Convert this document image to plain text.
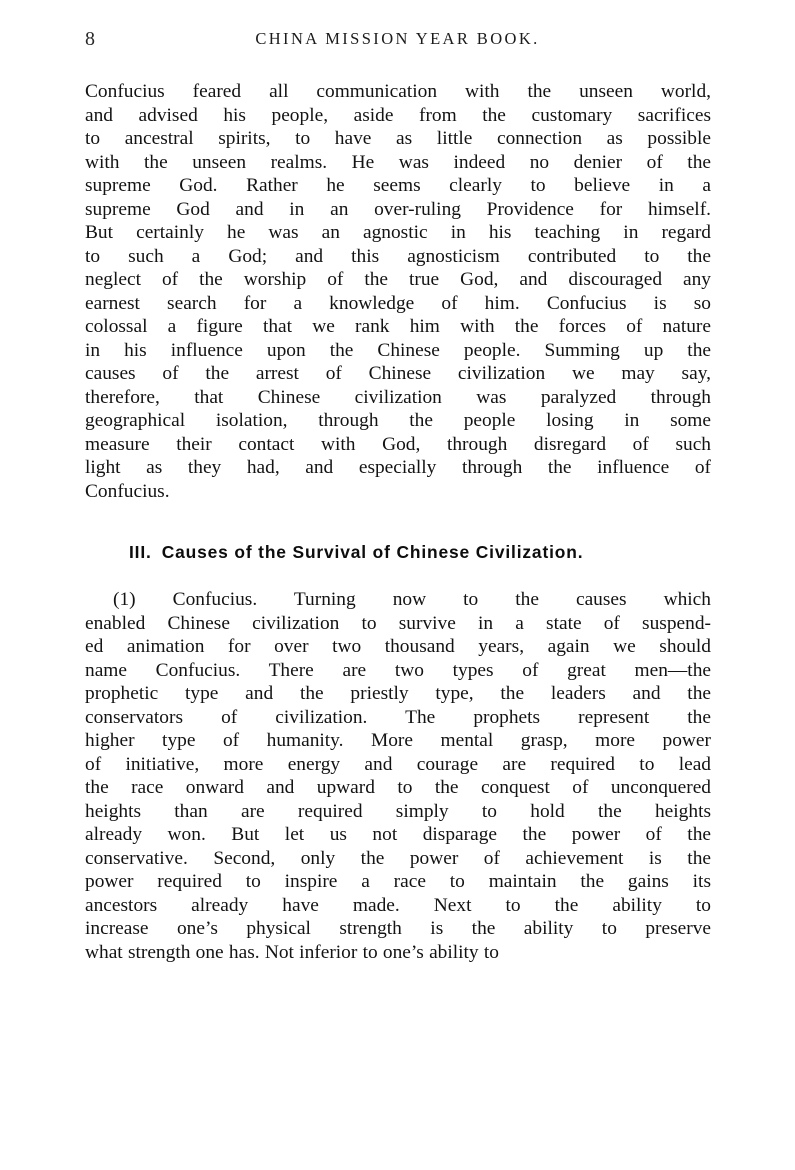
8	CHINA MISSION YEAR BOOK.

Confucius feared all communication with the unseen world,
and advised his people, aside from the customary sacrifices
to ancestral spirits, to have as little connection as possible
with the unseen realms. He was indeed no denier of the
supreme God. Rather he seems clearly to believe in a
supreme God and in an over-ruling Providence for himself.
But certainly he was an agnostic in his teaching in regard
to such a God; and this agnosticism contributed to the
neglect of the worship of the true God, and discouraged any
earnest search for a knowledge of him. Confucius is so
colossal a figure that we rank him with the forces of nature
in his influence upon the Chinese people. Summing up the
causes of the arrest of Chinese civilization we may say,
therefore, that Chinese civilization was paralyzed through
geographical isolation, through the people losing in some
measure their contact with God, through disregard of such
light as they had, and especially through the influence of
Confucius.

(1) Confucius. Turning now to the causes which
enabled Chinese civilization to survive in a state of suspend-
ed animation for over two thousand years, again we should
name Confucius. There are two types of great men—the
prophetic type and the priestly type, the leaders and the
conservators of civilization. The prophets represent the
higher type of humanity. More mental grasp, more power
of initiative, more energy and courage are required to lead
the race onward and upward to the conquest of unconquered
heights than are required simply to hold the heights
already won. But let us not disparage the power of the
conservative. Second, only the power of achievement is the
power required to inspire a race to maintain the gains its
ancestors already have made. Next to the ability to
increase one’s physical strength is the ability to preserve
what strength one has. Not inferior to one’s ability to

III. Causes of the Survival of Chinese Civilization.
